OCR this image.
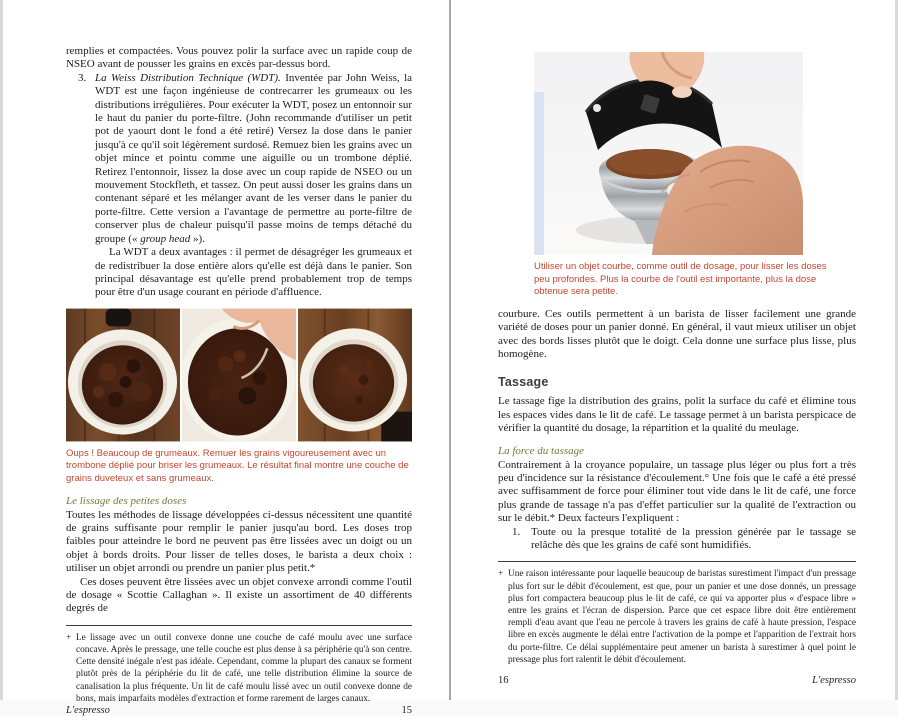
remplies et compactées. Vous pouvez polir la surface avec un rapide coup de NSEO avant de pousser les grains en excès par-dessus bord.

3. La Weiss Distribution Technique (WDT). Inventée par John Weiss, la WDT est une façon ingénieuse de contrecarrer les grumeaux ou les distributions irrégulières. Pour exécuter la WDT, posez un entonnoir sur le haut du panier du porte-filtre. (John recommande d'utiliser un petit pot de yaourt dont le fond a été retiré) Versez la dose dans le panier jusqu'à ce qu'il soit légèrement surdosé. Remuez bien les grains avec un objet mince et pointu comme une aiguille ou un trombone déplié. Retirez l'entonnoir, lissez la dose avec un coup rapide de NSEO ou un mouvement Stockfleth, et tassez. On peut aussi doser les grains dans un contenant séparé et les mélanger avant de les verser dans le panier du porte-filtre. Cette version a l'avantage de permettre au porte-filtre de conserver plus de chaleur puisqu'il passe moins de temps détaché du groupe (« group head »).

La WDT a deux avantages : il permet de désagréger les grumeaux et de redistribuer la dose entière alors qu'elle est déjà dans le panier. Son principal désavantage est qu'elle prend probablement trop de temps pour être d'un usage courant en période d'affluence.

Oups ! Beaucoup de grumeaux. Remuer les grains vigoureusement avec un trombone déplié pour briser les grumeaux. Le résultat final montre une couche de grains duveteux et sans grumeaux.

Le lissage des petites doses

Toutes les méthodes de lissage développées ci-dessus nécessitent une quantité de grains suffisante pour remplir le panier jusqu'au bord. Les doses trop faibles pour atteindre le bord ne peuvent pas être lissées avec un doigt ou un objet à bords droits. Pour lisser de telles doses, le barista a deux choix : utiliser un objet arrondi ou prendre un panier plus petit.*

Ces doses peuvent être lissées avec un objet convexe arrondi comme l'outil de dosage « Scottie Callaghan ». Il existe un assortiment de 40 différents degrés de

+ Le lissage avec un outil convexe donne une couche de café moulu avec une surface concave. Après le pressage, une telle couche est plus dense à sa périphérie qu'à son centre. Cette densité inégale n'est pas idéale. Cependant, comme la plupart des canaux se forment plutôt près de la périphérie du lit de café, une telle distribution élimine la source de canalisation la plus fréquente. Un lit de café moulu lissé avec un outil convexe donne de bons, mais imparfaits modèles d'extraction et forme rarement de larges canaux.

L'espresso	15

Utiliser un objet courbe, comme outil de dosage, pour lisser les doses peu profondes. Plus la courbe de l'outil est importante, plus la dose obtenue sera petite.

courbure. Ces outils permettent à un barista de lisser facilement une grande variété de doses pour un panier donné. En général, il vaut mieux utiliser un objet avec des bords lisses plutôt que le doigt. Cela donne une surface plus lisse, plus homogène.

Tassage

Le tassage fige la distribution des grains, polit la surface du café et élimine tous les espaces vides dans le lit de café. Le tassage permet à un barista perspicace de vérifier la quantité du dosage, la répartition et la qualité du meulage.

La force du tassage

Contrairement à la croyance populaire, un tassage plus léger ou plus fort a très peu d'incidence sur la résistance d'écoulement.° Une fois que le café a été pressé avec suffisamment de force pour éliminer tout vide dans le lit de café, une force plus grande de tassage n'a pas d'effet particulier sur la qualité de l'extraction ou sur le débit.* Deux facteurs l'expliquent :

1. Toute ou la presque totalité de la pression générée par le tassage se relâche dès que les grains de café sont humidifiés.

+ Une raison intéressante pour laquelle beaucoup de baristas surestiment l'impact d'un pressage plus fort sur le débit d'écoulement, est que, pour un panier et une dose donnés, un pressage plus fort compactera beaucoup plus le lit de café, ce qui va apporter plus « d'espace libre » entre les grains et l'écran de dispersion. Parce que cet espace libre doit être entièrement rempli d'eau avant que l'eau ne percole à travers les grains de café à haute pression, l'espace libre en excès augmente le délai entre l'activation de la pompe et l'apparition de l'extrait hors du porte-filtre. Ce délai supplémentaire peut amener un barista à surestimer à quel point le pressage plus fort ralentit le débit d'écoulement.

16	L'espresso
